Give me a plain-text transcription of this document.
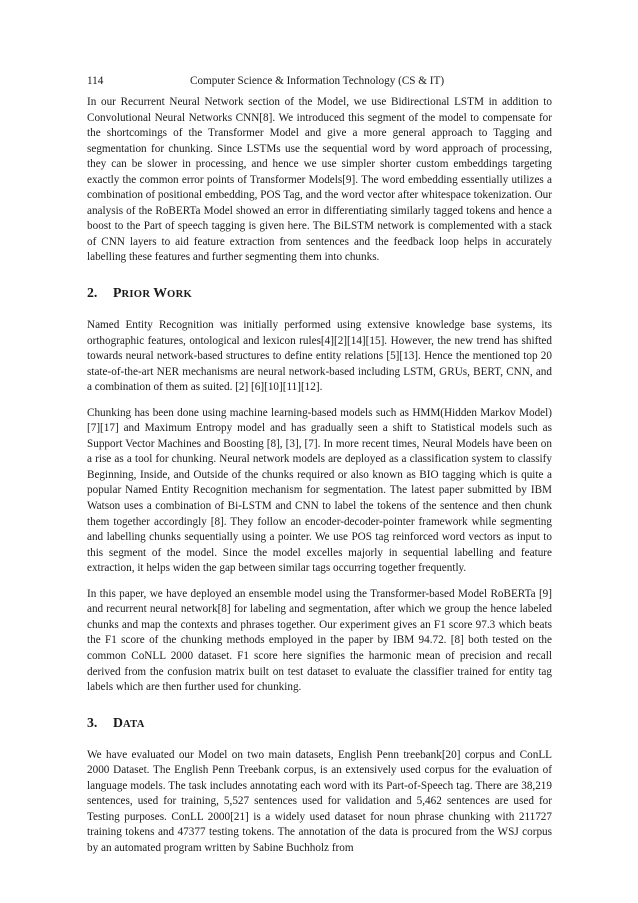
114	Computer Science & Information Technology (CS & IT)

In our Recurrent Neural Network section of the Model, we use Bidirectional LSTM in addition to Convolutional Neural Networks CNN[8]. We introduced this segment of the model to compensate for the shortcomings of the Transformer Model and give a more general approach to Tagging and segmentation for chunking. Since LSTMs use the sequential word by word approach of processing, they can be slower in processing, and hence we use simpler shorter custom embeddings targeting exactly the common error points of Transformer Models[9]. The word embedding essentially utilizes a combination of positional embedding, POS Tag, and the word vector after whitespace tokenization. Our analysis of the RoBERTa Model showed an error in differentiating similarly tagged tokens and hence a boost to the Part of speech tagging is given here. The BiLSTM network is complemented with a stack of CNN layers to aid feature extraction from sentences and the feedback loop helps in accurately labelling these features and further segmenting them into chunks.

2. PRIOR WORK

Named Entity Recognition was initially performed using extensive knowledge base systems, its orthographic features, ontological and lexicon rules[4][2][14][15]. However, the new trend has shifted towards neural network-based structures to define entity relations [5][13]. Hence the mentioned top 20 state-of-the-art NER mechanisms are neural network-based including LSTM, GRUs, BERT, CNN, and a combination of them as suited. [2] [6][10][11][12].

Chunking has been done using machine learning-based models such as HMM(Hidden Markov Model) [7][17] and Maximum Entropy model and has gradually seen a shift to Statistical models such as Support Vector Machines and Boosting [8], [3], [7]. In more recent times, Neural Models have been on a rise as a tool for chunking. Neural network models are deployed as a classification system to classify Beginning, Inside, and Outside of the chunks required or also known as BIO tagging which is quite a popular Named Entity Recognition mechanism for segmentation. The latest paper submitted by IBM Watson uses a combination of Bi-LSTM and CNN to label the tokens of the sentence and then chunk them together accordingly [8]. They follow an encoder-decoder-pointer framework while segmenting and labelling chunks sequentially using a pointer. We use POS tag reinforced word vectors as input to this segment of the model. Since the model excelles majorly in sequential labelling and feature extraction, it helps widen the gap between similar tags occurring together frequently.

In this paper, we have deployed an ensemble model using the Transformer-based Model RoBERTa [9] and recurrent neural network[8] for labeling and segmentation, after which we group the hence labeled chunks and map the contexts and phrases together. Our experiment gives an F1 score 97.3 which beats the F1 score of the chunking methods employed in the paper by IBM 94.72. [8] both tested on the common CoNLL 2000 dataset. F1 score here signifies the harmonic mean of precision and recall derived from the confusion matrix built on test dataset to evaluate the classifier trained for entity tag labels which are then further used for chunking.

3. DATA

We have evaluated our Model on two main datasets, English Penn treebank[20] corpus and ConLL 2000 Dataset. The English Penn Treebank corpus, is an extensively used corpus for the evaluation of language models. The task includes annotating each word with its Part-of-Speech tag. There are 38,219 sentences, used for training, 5,527 sentences used for validation and 5,462 sentences are used for Testing purposes. ConLL 2000[21] is a widely used dataset for noun phrase chunking with 211727 training tokens and 47377 testing tokens. The annotation of the data is procured from the WSJ corpus by an automated program written by Sabine Buchholz from
